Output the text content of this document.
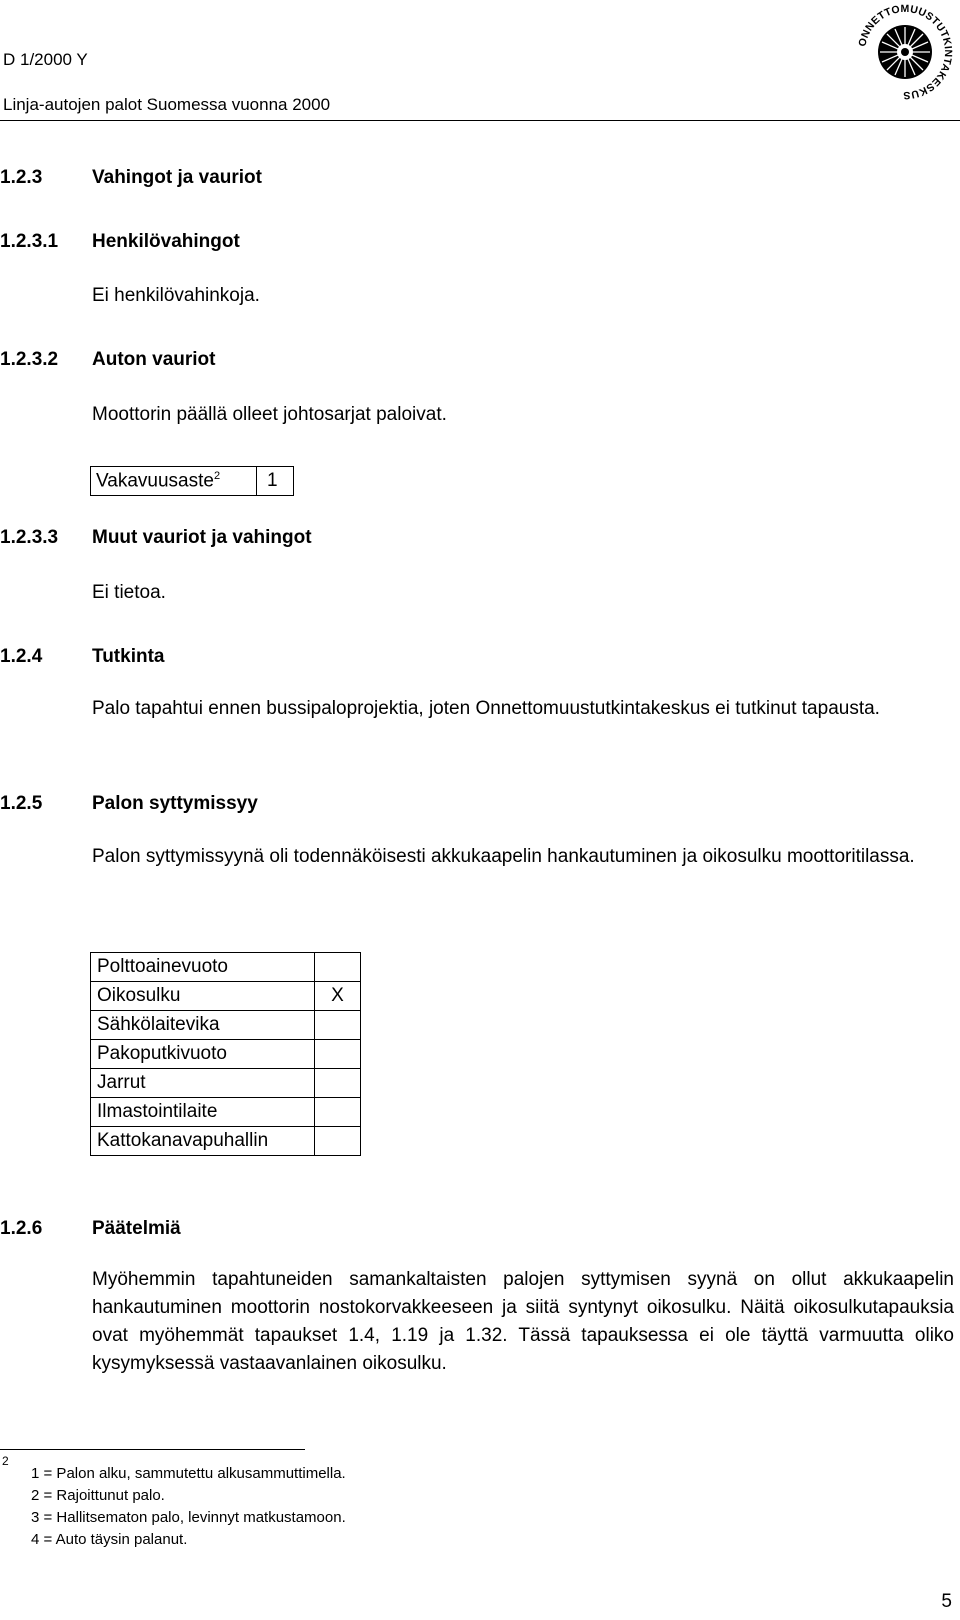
D 1/2000 Y
Linja-autojen palot Suomessa vuonna 2000
ONNETTOMUUSTUTKINTAKESKUS
1.2.3	Vahingot ja vauriot
1.2.3.1 Henkilövahingot
Ei henkilövahinkoja.
1.2.3.2 Auton vauriot
Moottorin päällä olleet johtosarjat paloivat.
Vakavuusaste$^2$ 1
1.2.3.3 Muut vauriot ja vahingot
Ei tietoa.
1.2.4	Tutkinta
Palo tapahtui ennen bussipaloprojektia, joten Onnettomuustutkintakeskus ei tutkinut tapausta.
1.2.5	Palon syttymissyy
Palon syttymissyynä oli todennäköisesti akkukaapelin hankautuminen ja oikosulku moottoritilassa.
Polttoainevuoto	
Oikosulku	X
Sähkölaitevika	
Pakoputkivuoto	
Jarrut	
Ilmastointilaite	
Kattokanavapuhallin	
1.2.6	Päätelmiä
Myöhemmin tapahtuneiden samankaltaisten palojen syttymisen syynä on ollut akkukaapelin hankautuminen moottorin nostokorvakkeeseen ja siitä syntynyt oikosulku. Näitä oikosulkutapauksia ovat myöhemmät tapaukset 1.4, 1.19 ja 1.32. Tässä tapauksessa ei ole täyttä varmuutta oliko kysymyksessä vastaavanlainen oikosulku.
2
1 = Palon alku, sammutettu alkusammuttimella.
2 = Rajoittunut palo.
3 = Hallitsematon palo, levinnyt matkustamoon.
4 = Auto täysin palanut.
5
